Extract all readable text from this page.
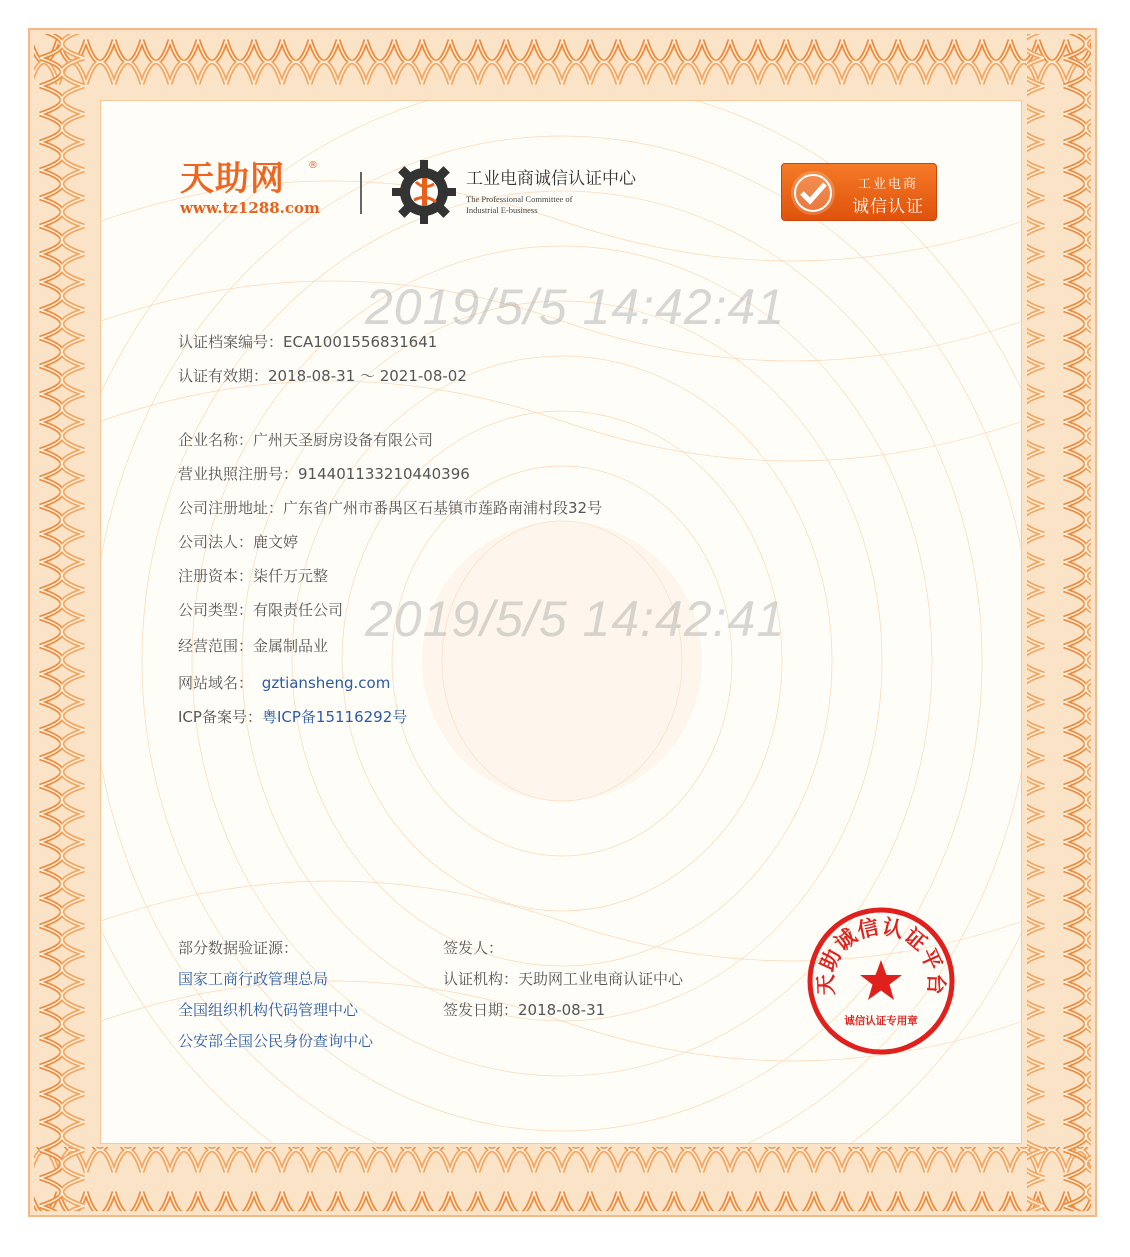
天助网	®
www.tz1288.com
工业电商诚信认证中心
The Professional Committee of
Industrial E-business
工业电商
诚信认证
2019/5/5 14:42:41
2019/5/5 14:42:41
认证档案编号：ECA1001556831641
认证有效期：2018-08-31 ～ 2021-08-02
企业名称：广州天圣厨房设备有限公司
营业执照注册号：914401133210440396
公司注册地址：广东省广州市番禺区石基镇市莲路南浦村段32号
公司法人：鹿文婷
注册资本：柒仟万元整
公司类型：有限责任公司
经营范围：金属制品业
网站域名： gztiansheng.com
ICP备案号：粤ICP备15116292号
部分数据验证源：
国家工商行政管理总局
全国组织机构代码管理中心
公安部全国公民身份查询中心
签发人：
认证机构：天助网工业电商认证中心
签发日期：2018-08-31
天助诚信认证平台
诚信认证专用章
